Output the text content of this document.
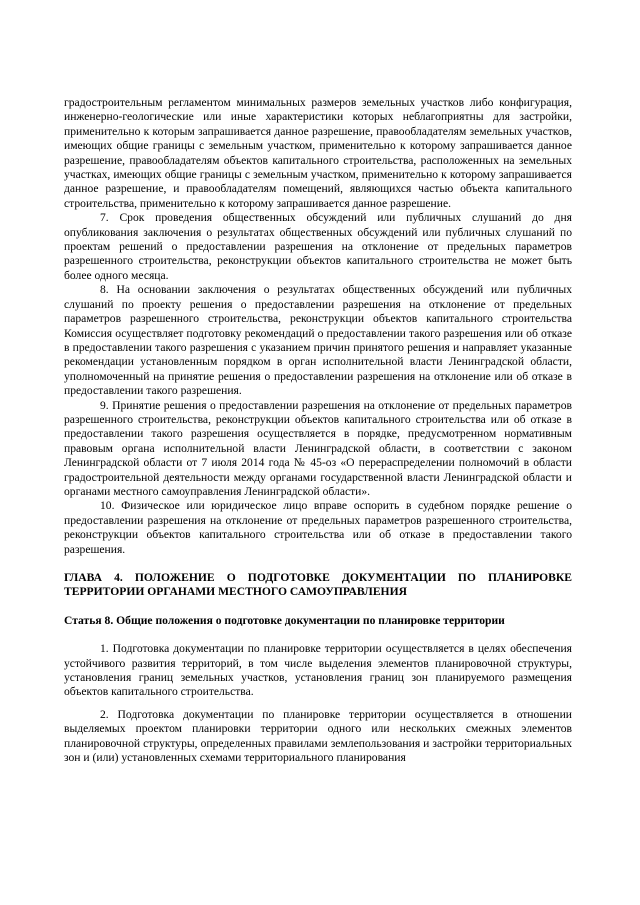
градостроительным регламентом минимальных размеров земельных участков либо конфигурация, инженерно-геологические или иные характеристики которых неблагоприятны для застройки, применительно к которым запрашивается данное разрешение, правообладателям земельных участков, имеющих общие границы с земельным участком, применительно к которому запрашивается данное разрешение, правообладателям объектов капитального строительства, расположенных на земельных участках, имеющих общие границы с земельным участком, применительно к которому запрашивается данное разрешение, и правообладателям помещений, являющихся частью объекта капитального строительства, применительно к которому запрашивается данное разрешение.

7. Срок проведения общественных обсуждений или публичных слушаний до дня опубликования заключения о результатах общественных обсуждений или публичных слушаний по проектам решений о предоставлении разрешения на отклонение от предельных параметров разрешенного строительства, реконструкции объектов капитального строительства не может быть более одного месяца.

8. На основании заключения о результатах общественных обсуждений или публичных слушаний по проекту решения о предоставлении разрешения на отклонение от предельных параметров разрешенного строительства, реконструкции объектов капитального строительства Комиссия осуществляет подготовку рекомендаций о предоставлении такого разрешения или об отказе в предоставлении такого разрешения с указанием причин принятого решения и направляет указанные рекомендации установленным порядком в орган исполнительной власти Ленинградской области, уполномоченный на принятие решения о предоставлении разрешения на отклонение или об отказе в предоставлении такого разрешения.

9. Принятие решения о предоставлении разрешения на отклонение от предельных параметров разрешенного строительства, реконструкции объектов капитального строительства или об отказе в предоставлении такого разрешения осуществляется в порядке, предусмотренном нормативным правовым органа исполнительной власти Ленинградской области, в соответствии с законом Ленинградской области от 7 июля 2014 года № 45-оз «О перераспределении полномочий в области градостроительной деятельности между органами государственной власти Ленинградской области и органами местного самоуправления Ленинградской области».

10. Физическое или юридическое лицо вправе оспорить в судебном порядке решение о предоставлении разрешения на отклонение от предельных параметров разрешенного строительства, реконструкции объектов капитального строительства или об отказе в предоставлении такого разрешения.

ГЛАВА 4. ПОЛОЖЕНИЕ О ПОДГОТОВКЕ ДОКУМЕНТАЦИИ ПО ПЛАНИРОВКЕ ТЕРРИТОРИИ ОРГАНАМИ МЕСТНОГО САМОУПРАВЛЕНИЯ

Статья 8. Общие положения о подготовке документации по планировке территории

1. Подготовка документации по планировке территории осуществляется в целях обеспечения устойчивого развития территорий, в том числе выделения элементов планировочной структуры, установления границ земельных участков, установления границ зон планируемого размещения объектов капитального строительства.

2. Подготовка документации по планировке территории осуществляется в отношении выделяемых проектом планировки территории одного или нескольких смежных элементов планировочной структуры, определенных правилами землепользования и застройки территориальных зон и (или) установленных схемами территориального планирования
